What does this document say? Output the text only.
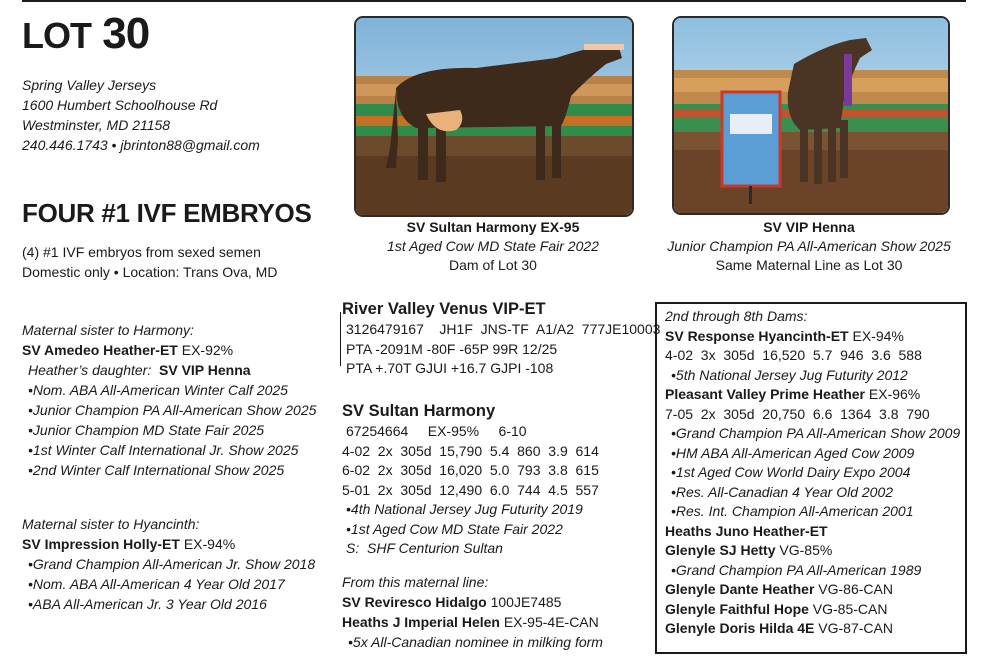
LOT 30
Spring Valley Jerseys
1600 Humbert Schoolhouse Rd
Westminster, MD 21158
240.446.1743 • jbrinton88@gmail.com
FOUR #1 IVF EMBRYOS
(4) #1 IVF embryos from sexed semen
Domestic only • Location: Trans Ova, MD
Maternal sister to Harmony:
SV Amedeo Heather-ET EX-92%
Heather’s daughter: SV VIP Henna
•Nom. ABA All-American Winter Calf 2025
•Junior Champion PA All-American Show 2025
•Junior Champion MD State Fair 2025
•1st Winter Calf International Jr. Show 2025
•2nd Winter Calf International Show 2025
Maternal sister to Hyancinth:
SV Impression Holly-ET EX-94%
•Grand Champion All-American Jr. Show 2018
•Nom. ABA All-American 4 Year Old 2017
•ABA All-American Jr. 3 Year Old 2016
SV Sultan Harmony EX-95
1st Aged Cow MD State Fair 2022
Dam of Lot 30
SV VIP Henna
Junior Champion PA All-American Show 2025
Same Maternal Line as Lot 30
River Valley Venus VIP-ET
3126479167    JH1F  JNS-TF  A1/A2  777JE10003
PTA -2091M -80F -65P 99R 12/25
PTA +.70T GJUI +16.7 GJPI -108
SV Sultan Harmony
67254664     EX-95%     6-10
4-02  2x  305d  15,790  5.4  860  3.9  614
6-02  2x  305d  16,020  5.0  793  3.8  615
5-01  2x  305d  12,490  6.0  744  4.5  557
•4th National Jersey Jug Futurity 2019
•1st Aged Cow MD State Fair 2022
S:  SHF Centurion Sultan
From this maternal line:
SV Reviresco Hidalgo 100JE7485
Heaths J Imperial Helen EX-95-4E-CAN
•5x All-Canadian nominee in milking form
2nd through 8th Dams:
SV Response Hyancinth-ET EX-94%
4-02  3x  305d  16,520  5.7  946  3.6  588
•5th National Jersey Jug Futurity 2012
Pleasant Valley Prime Heather EX-96%
7-05  2x  305d  20,750  6.6  1364  3.8  790
•Grand Champion PA All-American Show 2009
•HM ABA All-American Aged Cow 2009
•1st Aged Cow World Dairy Expo 2004
•Res. All-Canadian 4 Year Old 2002
•Res. Int. Champion All-American 2001
Heaths Juno Heather-ET
Glenyle SJ Hetty VG-85%
•Grand Champion PA All-American 1989
Glenyle Dante Heather VG-86-CAN
Glenyle Faithful Hope VG-85-CAN
Glenyle Doris Hilda 4E VG-87-CAN
